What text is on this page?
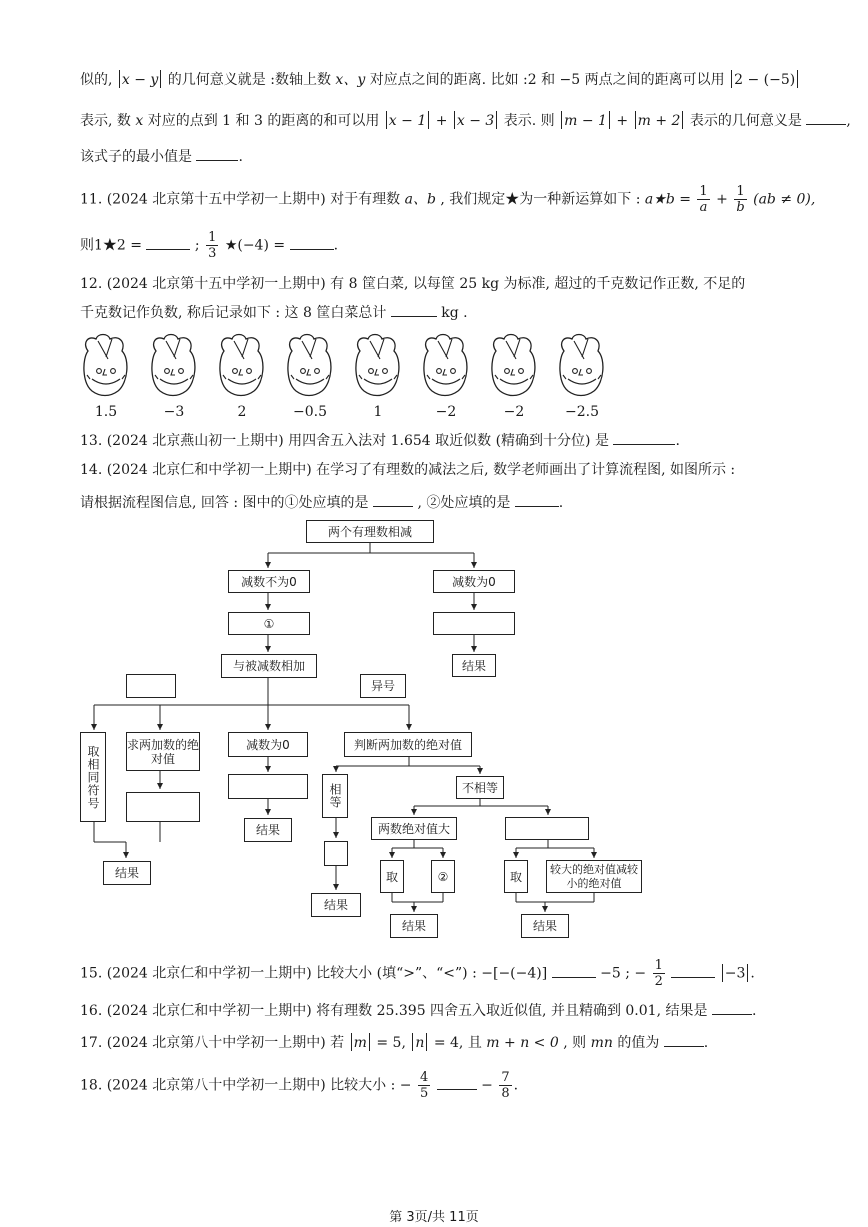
似的, x − y 的几何意义就是 :数轴上数 x、y 对应点之间的距离. 比如 :2 和 −5 两点之间的距离可以用 2 − (−5)
表示, 数 x 对应的点到 1 和 3 的距离的和可以用 x − 1 + x − 3 表示. 则 m − 1 + m + 2 表示的几何意义是	,
该式子的最小值是	.
11. (2024 北京第十五中学初一上期中) 对于有理数 a、b , 我们规定★为一种新运算如下 : a★b = $\frac{1}{a} + \frac{1}{b} (ab \ne 0)$,
则1★2 =	; $\frac{1}{3}$ ★(−4) =	.
12. (2024 北京第十五中学初一上期中) 有 8 筐白菜, 以每筐 25 kg 为标准, 超过的千克数记作正数, 不足的
千克数记作负数, 称后记录如下 : 这 8 筐白菜总计	kg .
1.5	−3	2	−0.5	1	−2	−2	−2.5
13. (2024 北京燕山初一上期中) 用四舍五入法对 1.654 取近似数 (精确到十分位) 是	.
14. (2024 北京仁和中学初一上期中) 在学习了有理数的减法之后, 数学老师画出了计算流程图, 如图所示 :
请根据流程图信息, 回答 : 图中的①处应填的是	, ②处应填的是	.
两个有理数相减
减数不为0	减数为0
①
结果
与被减数相加
异号
取相同符号	求两加数的绝对值
结果
减数为0
结果
判断两加数的绝对值
相等	不相等
结果
两数绝对值大
取	②	取
较大的绝对值减较小的绝对值
结果	结果
15. (2024 北京仁和中学初一上期中) 比较大小 (填“>”、“<”) : −[−(−4)]	−5 ; − $\frac{1}{2}$	−3 .
16. (2024 北京仁和中学初一上期中) 将有理数 25.395 四舍五入取近似值, 并且精确到 0.01, 结果是	.
17. (2024 北京第八十中学初一上期中) 若 m = 5, n = 4, 且 m + n < 0 , 则 mn 的值为	.
18. (2024 北京第八十中学初一上期中) 比较大小 : − $\frac{4}{5}$	− $\frac{7}{8}$ .
第 3页/共 11页
